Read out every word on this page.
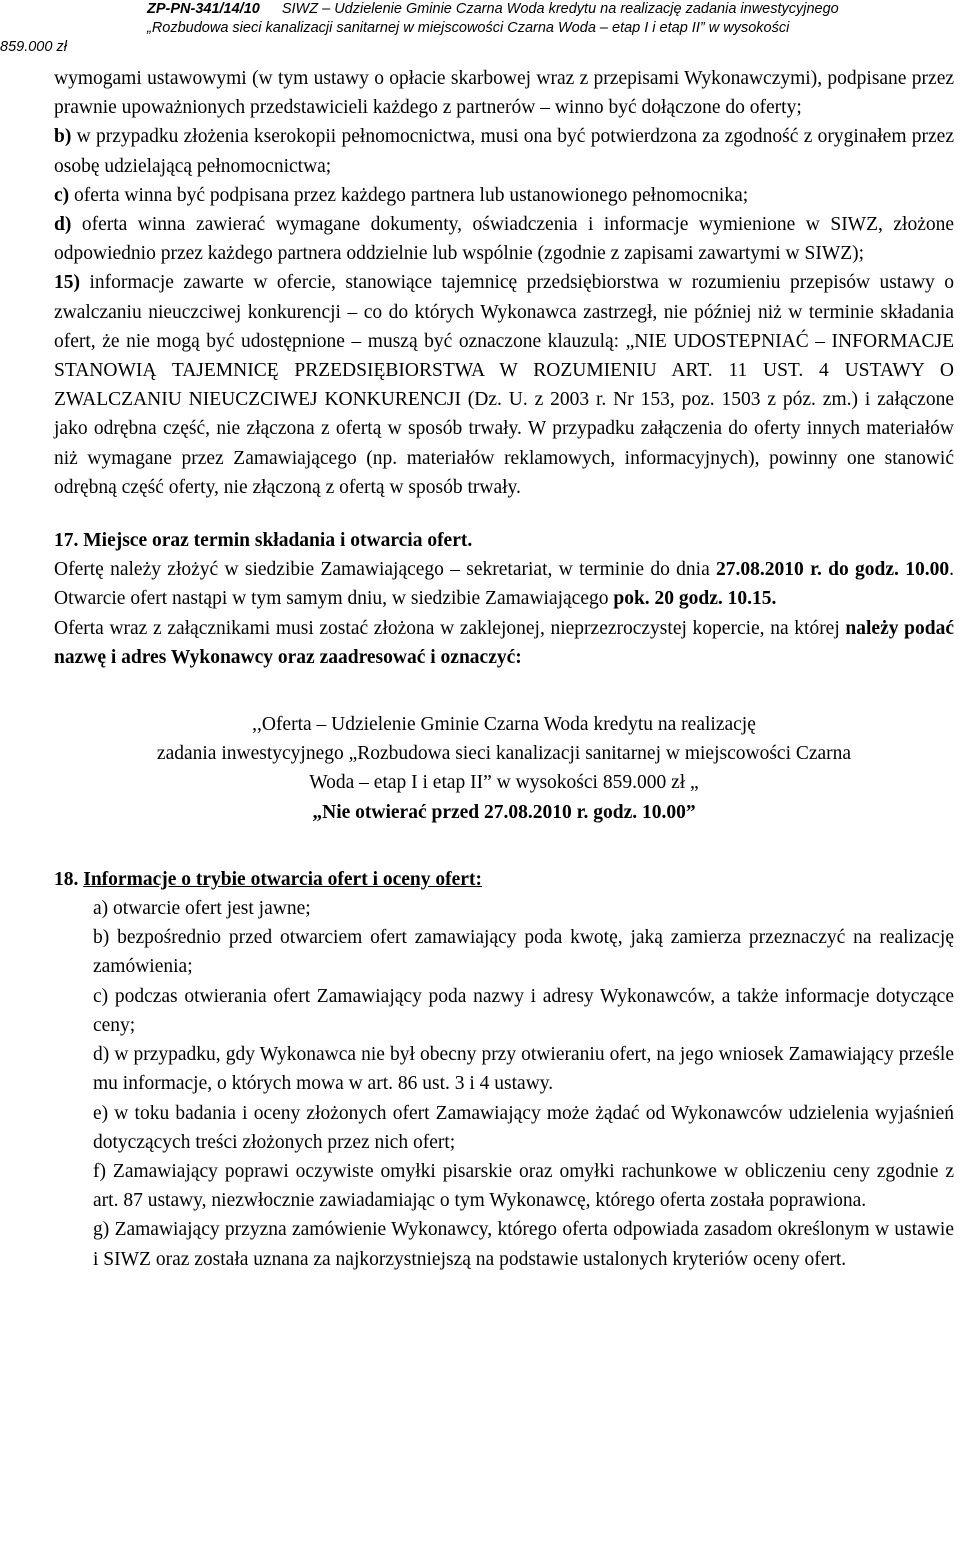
ZP-PN-341/14/10 SIWZ – Udzielenie Gminie Czarna Woda kredytu na realizację zadania inwestycyjnego
„Rozbudowa sieci kanalizacji sanitarnej w miejscowości Czarna Woda – etap I i etap II” w wysokości
859.000 zł

wymogami ustawowymi (w tym ustawy o opłacie skarbowej wraz z przepisami Wykonawczymi), podpisane przez prawnie upoważnionych przedstawicieli każdego z partnerów – winno być dołączone do oferty;

b) w przypadku złożenia kserokopii pełnomocnictwa, musi ona być potwierdzona za zgodność z oryginałem przez osobę udzielającą pełnomocnictwa;

c) oferta winna być podpisana przez każdego partnera lub ustanowionego pełnomocnika;

d) oferta winna zawierać wymagane dokumenty, oświadczenia i informacje wymienione w SIWZ, złożone odpowiednio przez każdego partnera oddzielnie lub wspólnie (zgodnie z zapisami zawartymi w SIWZ);

15) informacje zawarte w ofercie, stanowiące tajemnicę przedsiębiorstwa w rozumieniu przepisów ustawy o zwalczaniu nieuczciwej konkurencji – co do których Wykonawca zastrzegł, nie później niż w terminie składania ofert, że nie mogą być udostępnione – muszą być oznaczone klauzulą: „NIE UDOSTEPNIAĆ – INFORMACJE STANOWIĄ TAJEMNICĘ PRZEDSIĘBIORSTWA W ROZUMIENIU ART. 11 UST. 4 USTAWY O ZWALCZANIU NIEUCZCIWEJ KONKURENCJI (Dz. U. z 2003 r. Nr 153, poz. 1503 z póz. zm.) i załączone jako odrębna część, nie złączona z ofertą w sposób trwały. W przypadku załączenia do oferty innych materiałów niż wymagane przez Zamawiającego (np. materiałów reklamowych, informacyjnych), powinny one stanowić odrębną część oferty, nie złączoną z ofertą w sposób trwały.

17. Miejsce oraz termin składania i otwarcia ofert.

Ofertę należy złożyć w siedzibie Zamawiającego – sekretariat, w terminie do dnia 27.08.2010 r. do godz. 10.00. Otwarcie ofert nastąpi w tym samym dniu, w siedzibie Zamawiającego pok. 20 godz. 10.15.

Oferta wraz z załącznikami musi zostać złożona w zaklejonej, nieprzezroczystej kopercie, na której należy podać nazwę i adres Wykonawcy oraz zaadresować i oznaczyć:

,,Oferta – Udzielenie Gminie Czarna Woda kredytu na realizację
zadania inwestycyjnego „Rozbudowa sieci kanalizacji sanitarnej w miejscowości Czarna
Woda – etap I i etap II” w wysokości 859.000 zł „
„Nie otwierać przed 27.08.2010 r. godz. 10.00”

18. Informacje o trybie otwarcia ofert i oceny ofert:

a) otwarcie ofert jest jawne;

b) bezpośrednio przed otwarciem ofert zamawiający poda kwotę, jaką zamierza przeznaczyć na realizację zamówienia;

c) podczas otwierania ofert Zamawiający poda nazwy i adresy Wykonawców, a także informacje dotyczące ceny;

d) w przypadku, gdy Wykonawca nie był obecny przy otwieraniu ofert, na jego wniosek Zamawiający prześle mu informacje, o których mowa w art. 86 ust. 3 i 4 ustawy.

e) w toku badania i oceny złożonych ofert Zamawiający może żądać od Wykonawców udzielenia wyjaśnień dotyczących treści złożonych przez nich ofert;

f) Zamawiający poprawi oczywiste omyłki pisarskie oraz omyłki rachunkowe w obliczeniu ceny zgodnie z art. 87 ustawy, niezwłocznie zawiadamiając o tym Wykonawcę, którego oferta została poprawiona.

g) Zamawiający przyzna zamówienie Wykonawcy, którego oferta odpowiada zasadom określonym w ustawie i SIWZ oraz została uznana za najkorzystniejszą na podstawie ustalonych kryteriów oceny ofert.
